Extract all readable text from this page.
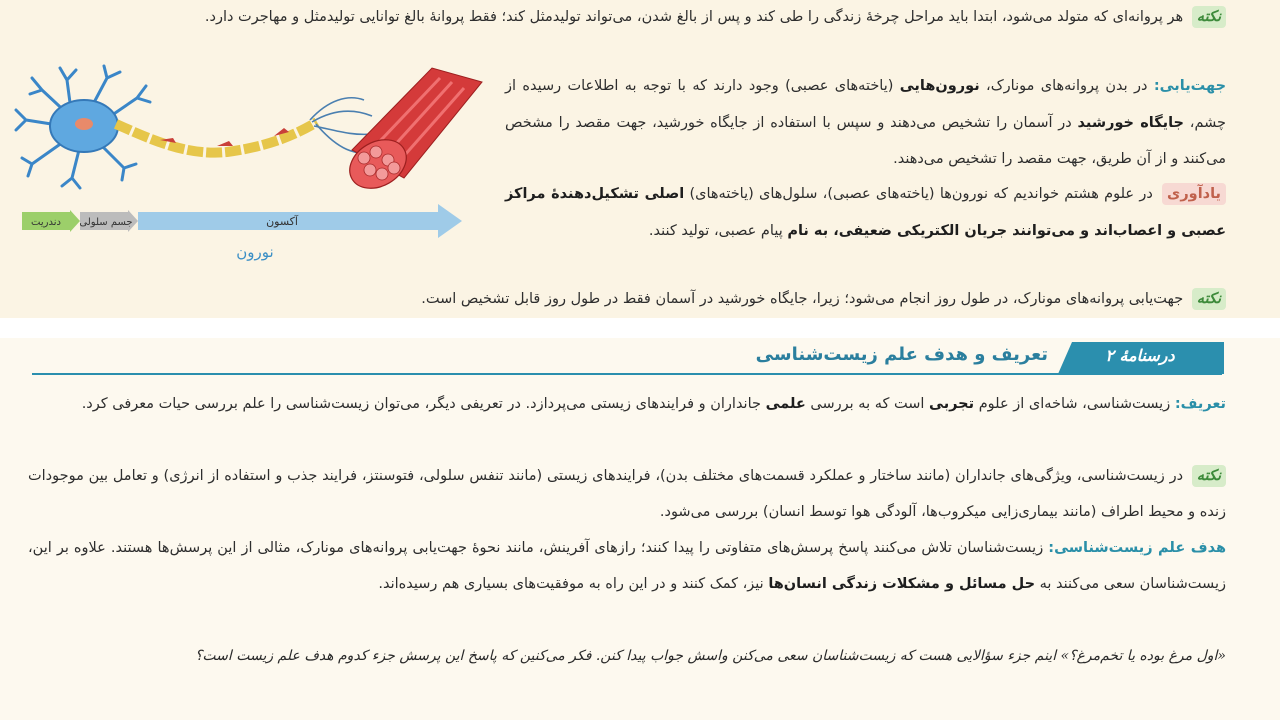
نکته هر پروانه‌ای که متولد می‌شود، ابتدا باید مراحل چرخهٔ زندگی را طی کند و پس از بالغ شدن، می‌تواند تولیدمثل کند؛ فقط پروانهٔ بالغ توانایی تولیدمثل و مهاجرت دارد.
جهت‌یابی: در بدن پروانه‌های مونارک، نورون‌هایی (یاخته‌های عصبی) وجود دارند که با توجه به اطلاعات رسیده از چشم، جایگاه خورشید در آسمان را تشخیص می‌دهند و سپس با استفاده از جایگاه خورشید، جهت مقصد را مشخص می‌کنند و از آن طریق، جهت مقصد را تشخیص می‌دهند.
یادآوری در علوم هشتم خواندیم که نورون‌ها (یاخته‌های عصبی)، سلول‌های (یاخته‌های) اصلی تشکیل‌دهندهٔ مراکز عصبی و اعصاب‌اند و می‌توانند جریان الکتریکی ضعیفی، به نام پیام عصبی، تولید کنند.
نکته جهت‌یابی پروانه‌های مونارک، در طول روز انجام می‌شود؛ زیرا، جایگاه خورشید در آسمان فقط در طول روز قابل تشخیص است.
دندریت جسم سلولی	آکسون
نورون
درسنامهٔ ۲
تعریف و هدف علم زیست‌شناسی
تعریف: زیست‌شناسی، شاخه‌ای از علوم تجربی است که به بررسی علمی جانداران و فرایندهای زیستی می‌پردازد. در تعریفی دیگر، می‌توان زیست‌شناسی را علم بررسی حیات معرفی کرد.
نکته در زیست‌شناسی، ویژگی‌های جانداران (مانند ساختار و عملکرد قسمت‌های مختلف بدن)، فرایندهای زیستی (مانند تنفس سلولی، فتوسنتز، فرایند جذب و استفاده از انرژی) و تعامل بین موجودات زنده و محیط اطراف (مانند بیماری‌زایی میکروب‌ها، آلودگی هوا توسط انسان) بررسی می‌شود.
هدف علم زیست‌شناسی: زیست‌شناسان تلاش می‌کنند پاسخ پرسش‌های متفاوتی را پیدا کنند؛ رازهای آفرینش، مانند نحوهٔ جهت‌یابی پروانه‌های مونارک، مثالی از این پرسش‌ها هستند. علاوه بر این، زیست‌شناسان سعی می‌کنند به حل مسائل و مشکلات زندگی انسان‌ها نیز، کمک کنند و در این راه به موفقیت‌های بسیاری هم رسیده‌اند.
«اول مرغ بوده یا تخم‌مرغ؟» اینم جزء سؤالایی هست که زیست‌شناسان سعی می‌کنن واسش جواب پیدا کنن. فکر می‌کنین که پاسخ این پرسش جزء کدوم هدف علم زیست است؟
